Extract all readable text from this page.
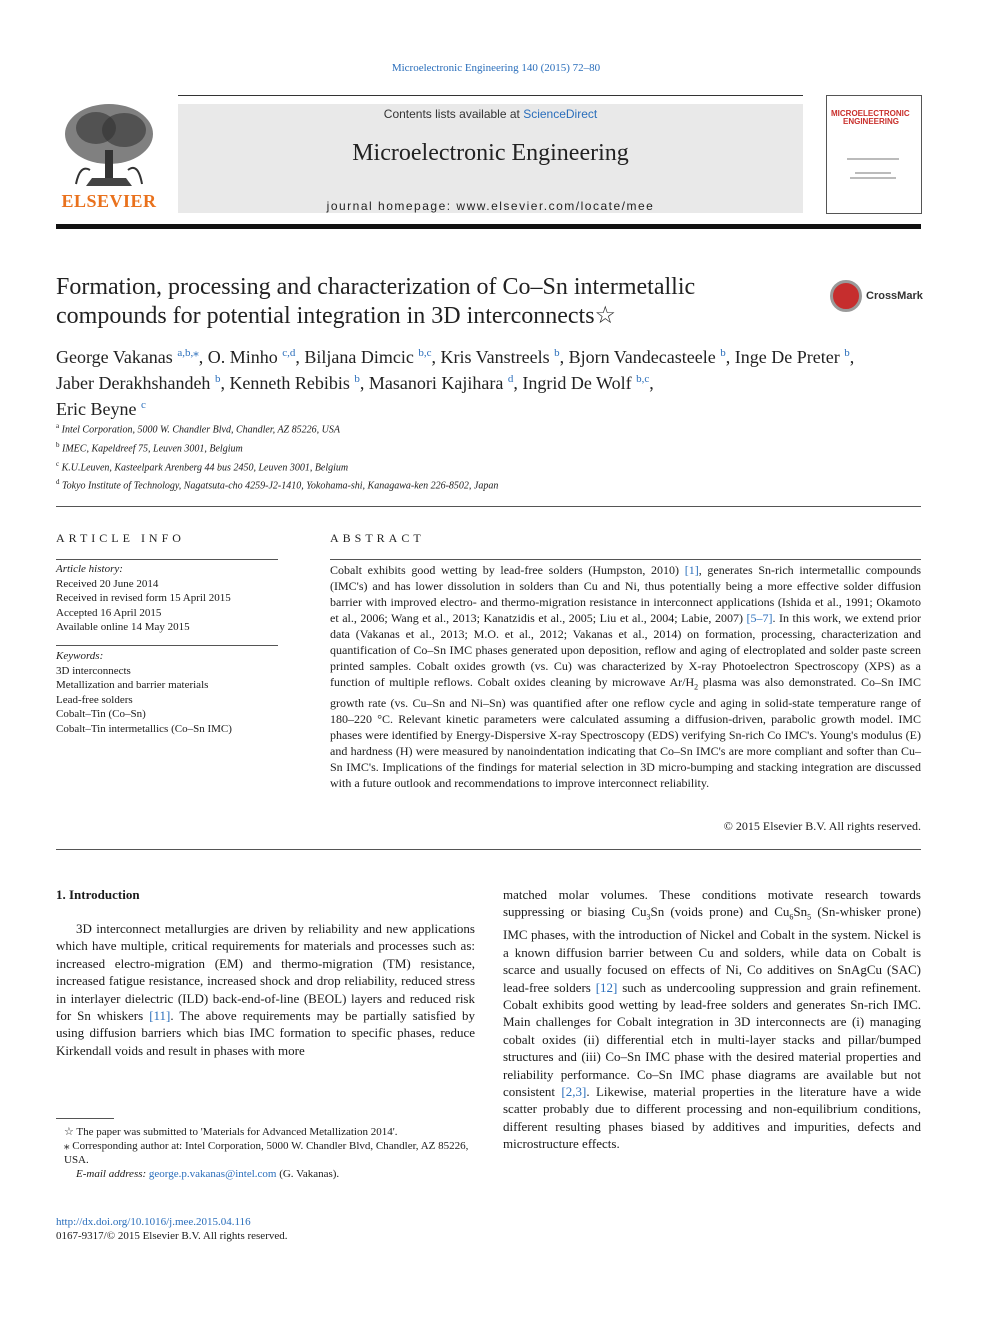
Microelectronic Engineering 140 (2015) 72–80
ELSEVIER
Contents lists available at ScienceDirect
Microelectronic Engineering
journal homepage: www.elsevier.com/locate/mee
MICROELECTRONIC
ENGINEERING
Formation, processing and characterization of Co–Sn intermetallic compounds for potential integration in 3D interconnects☆
CrossMark
George Vakanas $^{a,b,⁎}$, O. Minho $^{c,d}$, Biljana Dimcic $^{b,c}$, Kris Vanstreels $^b$, Bjorn Vandecasteele $^b$, Inge De Preter $^b$,
Jaber Derakhshandeh $^b$, Kenneth Rebibis $^b$, Masanori Kajihara $^d$, Ingrid De Wolf $^{b,c}$,
Eric Beyne $^c$
$^a$ Intel Corporation, 5000 W. Chandler Blvd, Chandler, AZ 85226, USA
$^b$ IMEC, Kapeldreef 75, Leuven 3001, Belgium
$^c$ K.U.Leuven, Kasteelpark Arenberg 44 bus 2450, Leuven 3001, Belgium
$^d$ Tokyo Institute of Technology, Nagatsuta-cho 4259-J2-1410, Yokohama-shi, Kanagawa-ken 226-8502, Japan
ARTICLE INFO
Article history:
Received 20 June 2014
Received in revised form 15 April 2015
Accepted 16 April 2015
Available online 14 May 2015
Keywords:
3D interconnects
Metallization and barrier materials
Lead-free solders
Cobalt–Tin (Co–Sn)
Cobalt–Tin intermetallics (Co–Sn IMC)
ABSTRACT
Cobalt exhibits good wetting by lead-free solders (Humpston, 2010) [1], generates Sn-rich intermetallic compounds (IMC's) and has lower dissolution in solders than Cu and Ni, thus potentially being a more effective solder diffusion barrier with improved electro- and thermo-migration resistance in interconnect applications (Ishida et al., 1991; Okamoto et al., 2006; Wang et al., 2013; Kanatzidis et al., 2005; Liu et al., 2004; Labie, 2007) [5–7]. In this work, we extend prior data (Vakanas et al., 2013; M.O. et al., 2012; Vakanas et al., 2014) on formation, processing, characterization and quantification of Co–Sn IMC phases generated upon deposition, reflow and aging of electroplated and solder paste screen printed samples. Cobalt oxides growth (vs. Cu) was characterized by X-ray Photoelectron Spectroscopy (XPS) as a function of multiple reflows. Cobalt oxides cleaning by microwave $Ar/H_2$ plasma was also demonstrated. Co–Sn IMC growth rate (vs. Cu–Sn and Ni–Sn) was quantified after one reflow cycle and aging in solid-state temperature range of 180–220 °C. Relevant kinetic parameters were calculated assuming a diffusion-driven, parabolic growth model. IMC phases were identified by Energy-Dispersive X-ray Spectroscopy (EDS) verifying Sn-rich Co IMC's. Young's modulus (E) and hardness (H) were measured by nanoindentation indicating that Co–Sn IMC's are more compliant and softer than Cu–Sn IMC's. Implications of the findings for material selection in 3D micro-bumping and stacking integration are discussed with a future outlook and recommendations to improve interconnect reliability.
© 2015 Elsevier B.V. All rights reserved.
1. Introduction
3D interconnect metallurgies are driven by reliability and new applications which have multiple, critical requirements for materials and processes such as: increased electro-migration (EM) and thermo-migration (TM) resistance, increased fatigue resistance, increased shock and drop reliability, reduced stress in interlayer dielectric (ILD) back-end-of-line (BEOL) layers and reduced risk for Sn whiskers [11]. The above requirements may be partially satisfied by using diffusion barriers which bias IMC formation to specific phases, reduce Kirkendall voids and result in phases with more
matched molar volumes. These conditions motivate research towards suppressing or biasing $Cu_3Sn$ (voids prone) and $Cu_6Sn_5$ (Sn-whisker prone) IMC phases, with the introduction of Nickel and Cobalt in the system. Nickel is a known diffusion barrier between Cu and solders, while data on Cobalt is scarce and usually focused on effects of Ni, Co additives on SnAgCu (SAC) lead-free solders [12] such as undercooling suppression and grain refinement. Cobalt exhibits good wetting by lead-free solders and generates Sn-rich IMC. Main challenges for Cobalt integration in 3D interconnects are (i) managing cobalt oxides (ii) differential etch in multi-layer stacks and pillar/bumped structures and (iii) Co–Sn IMC phase with the desired material properties and reliability performance. Co–Sn IMC phase diagrams are available but not consistent [2,3]. Likewise, material properties in the literature have a wide scatter probably due to different processing and non-equilibrium conditions, different resulting phases biased by additives and impurities, defects and microstructure effects.
☆ The paper was submitted to 'Materials for Advanced Metallization 2014'.
⁎ Corresponding author at: Intel Corporation, 5000 W. Chandler Blvd, Chandler, AZ 85226, USA.
E-mail address: george.p.vakanas@intel.com (G. Vakanas).
http://dx.doi.org/10.1016/j.mee.2015.04.116
0167-9317/© 2015 Elsevier B.V. All rights reserved.
